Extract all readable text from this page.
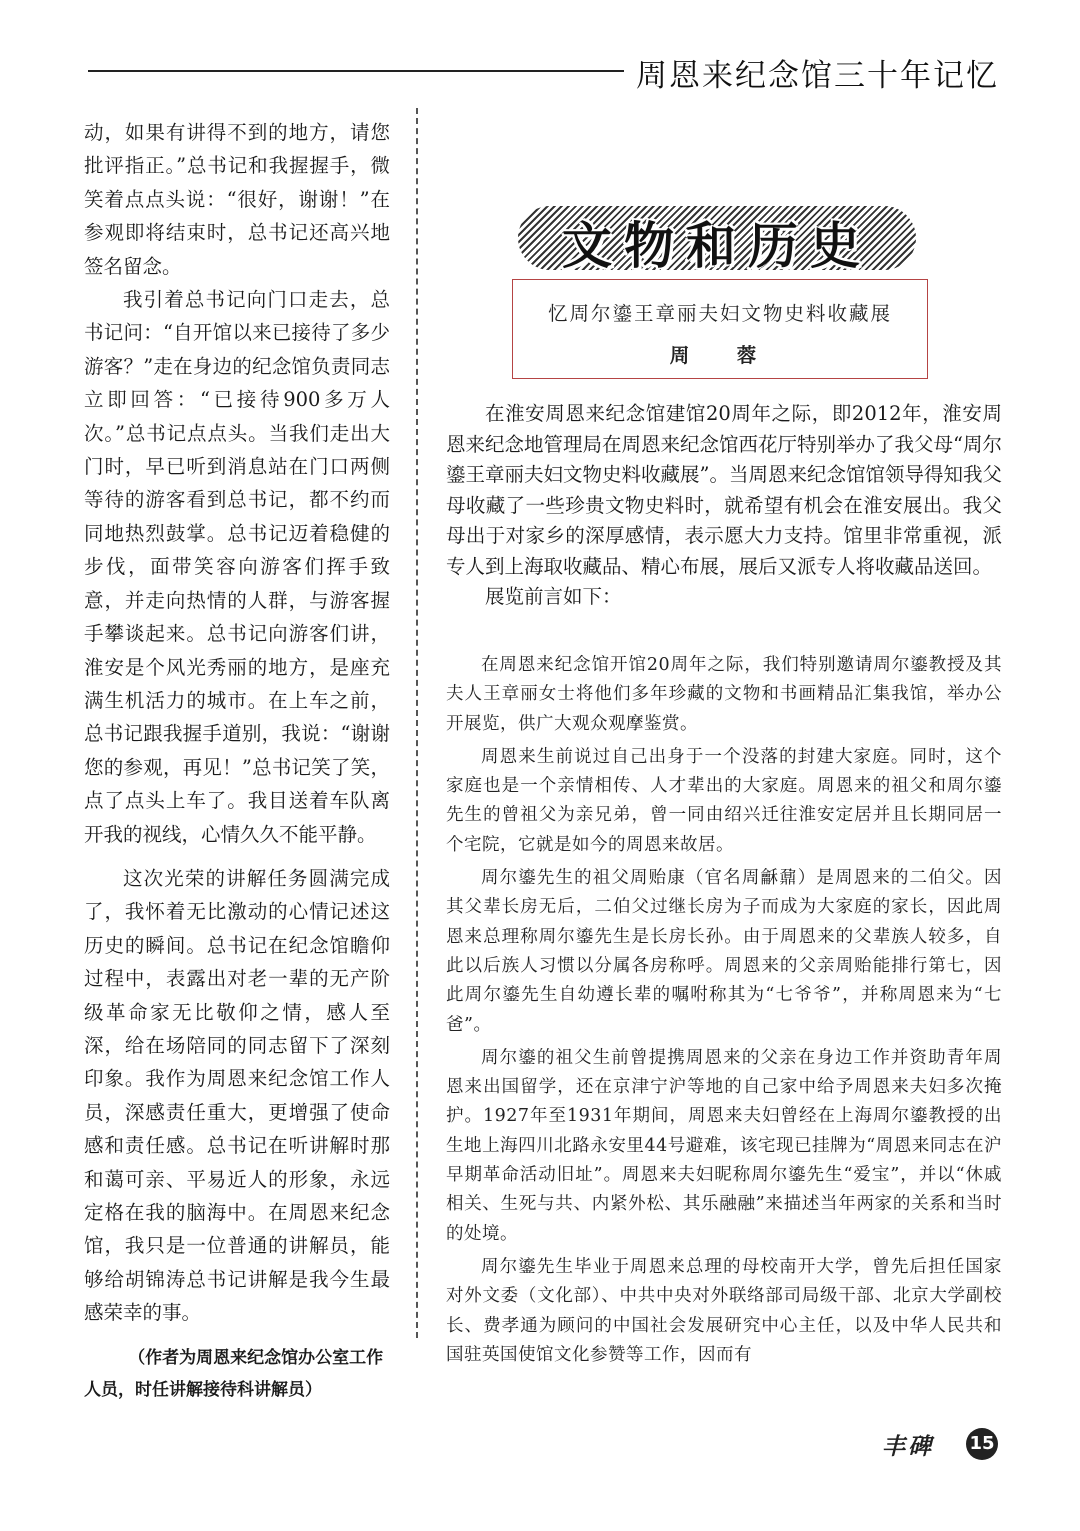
周恩来纪念馆三十年记忆

动，如果有讲得不到的地方，请您批评指正。”总书记和我握握手，微笑着点点头说：“很好，谢谢！”在参观即将结束时，总书记还高兴地签名留念。

我引着总书记向门口走去，总书记问：“自开馆以来已接待了多少游客？”走在身边的纪念馆负责同志立即回答：“已接待900多万人次。”总书记点点头。当我们走出大门时，早已听到消息站在门口两侧等待的游客看到总书记，都不约而同地热烈鼓掌。总书记迈着稳健的步伐，面带笑容向游客们挥手致意，并走向热情的人群，与游客握手攀谈起来。总书记向游客们讲，淮安是个风光秀丽的地方，是座充满生机活力的城市。在上车之前，总书记跟我握手道别，我说：“谢谢您的参观，再见！”总书记笑了笑，点了点头上车了。我目送着车队离开我的视线，心情久久不能平静。

这次光荣的讲解任务圆满完成了，我怀着无比激动的心情记述这历史的瞬间。总书记在纪念馆瞻仰过程中，表露出对老一辈的无产阶级革命家无比敬仰之情，感人至深，给在场陪同的同志留下了深刻印象。我作为周恩来纪念馆工作人员，深感责任重大，更增强了使命感和责任感。总书记在听讲解时那和蔼可亲、平易近人的形象，永远定格在我的脑海中。在周恩来纪念馆，我只是一位普通的讲解员，能够给胡锦涛总书记讲解是我今生最感荣幸的事。

（作者为周恩来纪念馆办公室工作人员，时任讲解接待科讲解员）

文物和历史
忆周尔鎏王章丽夫妇文物史料收藏展
周　蓉

在淮安周恩来纪念馆建馆20周年之际，即2012年，淮安周恩来纪念地管理局在周恩来纪念馆西花厅特别举办了我父母“周尔鎏王章丽夫妇文物史料收藏展”。当周恩来纪念馆馆领导得知我父母收藏了一些珍贵文物史料时，就希望有机会在淮安展出。我父母出于对家乡的深厚感情，表示愿大力支持。馆里非常重视，派专人到上海取收藏品、精心布展，展后又派专人将收藏品送回。

展览前言如下：

在周恩来纪念馆开馆20周年之际，我们特别邀请周尔鎏教授及其夫人王章丽女士将他们多年珍藏的文物和书画精品汇集我馆，举办公开展览，供广大观众观摩鉴赏。

周恩来生前说过自己出身于一个没落的封建大家庭。同时，这个家庭也是一个亲情相传、人才辈出的大家庭。周恩来的祖父和周尔鎏先生的曾祖父为亲兄弟，曾一同由绍兴迁往淮安定居并且长期同居一个宅院，它就是如今的周恩来故居。

周尔鎏先生的祖父周贻康（官名周龢鼐）是周恩来的二伯父。因其父辈长房无后，二伯父过继长房为子而成为大家庭的家长，因此周恩来总理称周尔鎏先生是长房长孙。由于周恩来的父辈族人较多，自此以后族人习惯以分属各房称呼。周恩来的父亲周贻能排行第七，因此周尔鎏先生自幼遵长辈的嘱咐称其为“七爷爷”，并称周恩来为“七爸”。

周尔鎏的祖父生前曾提携周恩来的父亲在身边工作并资助青年周恩来出国留学，还在京津宁沪等地的自己家中给予周恩来夫妇多次掩护。1927年至1931年期间，周恩来夫妇曾经在上海周尔鎏教授的出生地上海四川北路永安里44号避难，该宅现已挂牌为“周恩来同志在沪早期革命活动旧址”。周恩来夫妇昵称周尔鎏先生“爱宝”，并以“休戚相关、生死与共、内紧外松、其乐融融”来描述当年两家的关系和当时的处境。

周尔鎏先生毕业于周恩来总理的母校南开大学，曾先后担任国家对外文委（文化部）、中共中央对外联络部司局级干部、北京大学副校长、费孝通为顾问的中国社会发展研究中心主任，以及中华人民共和国驻英国使馆文化参赞等工作，因而有

丰碑 15
